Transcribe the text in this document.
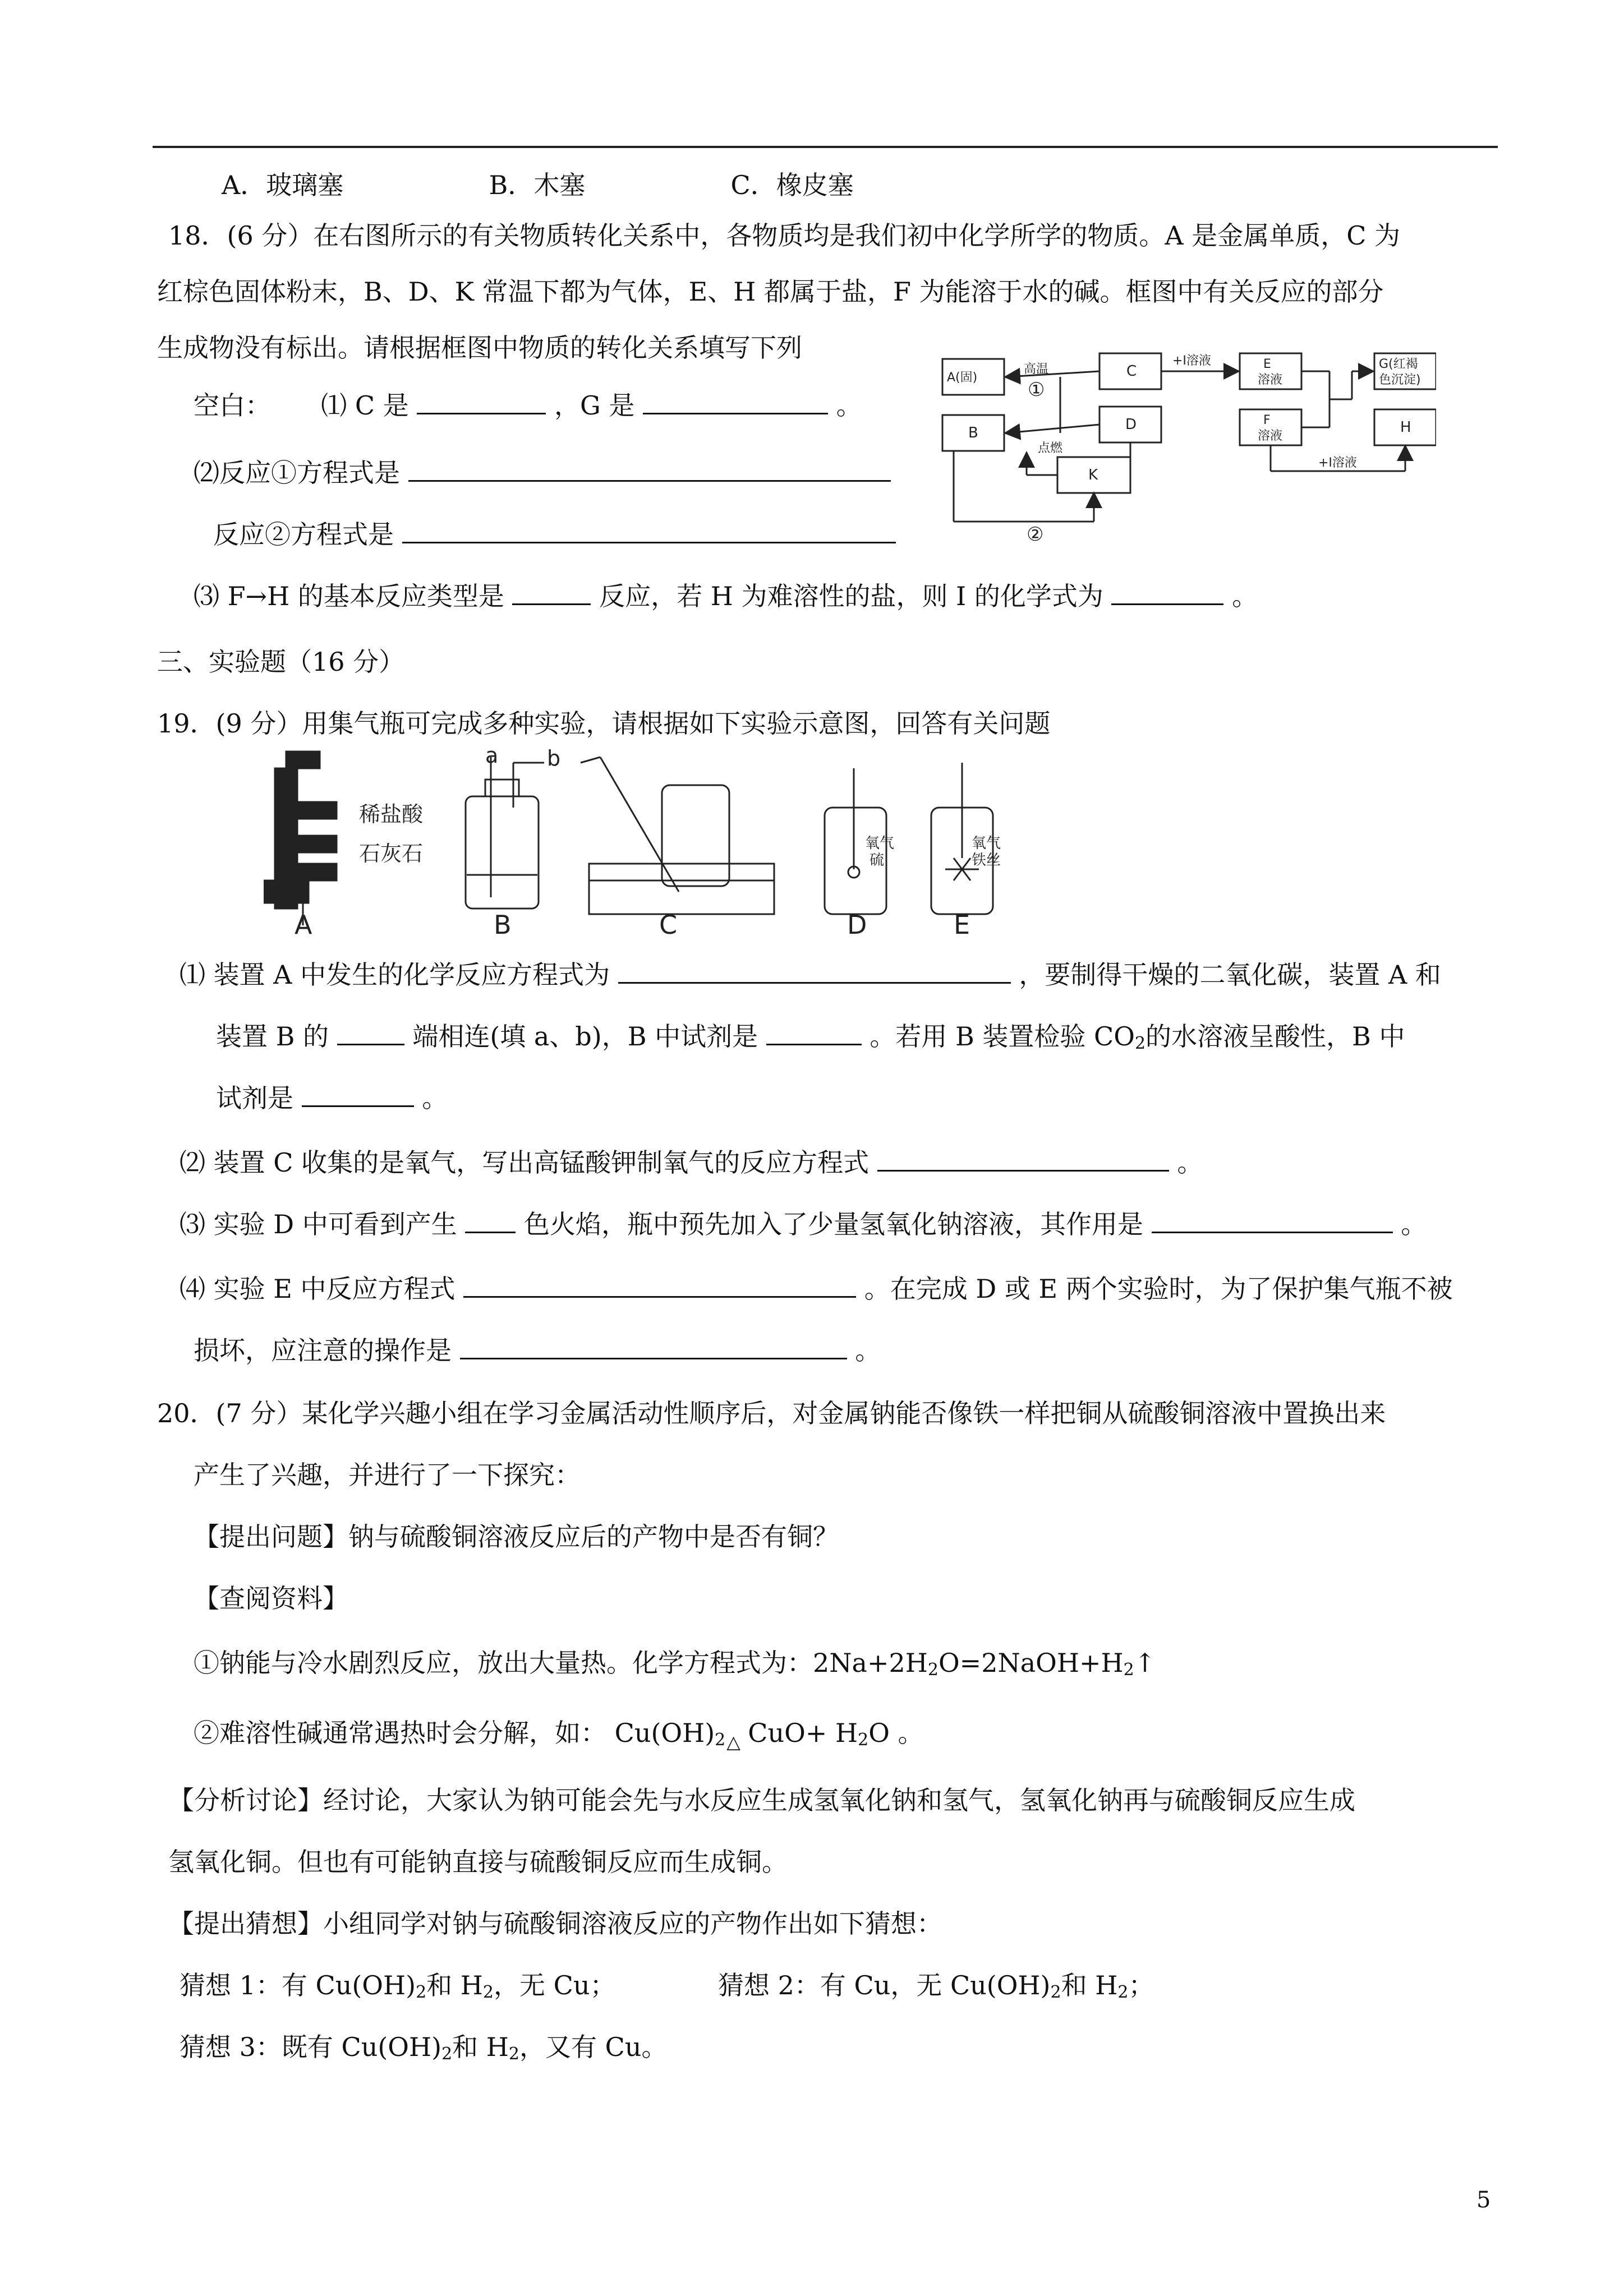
A．玻璃塞	B．木塞	C．橡皮塞
18．(6 分）在右图所示的有关物质转化关系中，各物质均是我们初中化学所学的物质。A 是金属单质，C 为
红棕色固体粉末，B、D、K 常温下都为气体，E、H 都属于盐，F 为能溶于水的碱。框图中有关反应的部分
生成物没有标出。请根据框图中物质的转化关系填写下列
空白： ⑴ C 是	，G 是	。
⑵反应①方程式是
反应②方程式是
⑶ F→H 的基本反应类型是	反应，若 H 为难溶性的盐，则 I 的化学式为	。
A(固)	C
B	D
K
E
溶液
F
溶液
G(红褐
色沉淀)
H
高温
①
点燃
②
+I溶液
+I溶液
三、实验题（16 分）
19．(9 分）用集气瓶可完成多种实验，请根据如下实验示意图，回答有关问题
稀盐酸
石灰石
a b
氧气
硫
氧气
铁丝
A	B	C	D	E
⑴ 装置 A 中发生的化学反应方程式为	，要制得干燥的二氧化碳，装置 A 和
装置 B 的	端相连(填 a、b)，B 中试剂是	。若用 B 装置检验 $CO_2$的水溶液呈酸性，B 中
试剂是	。
⑵ 装置 C 收集的是氧气，写出高锰酸钾制氧气的反应方程式	。
⑶ 实验 D 中可看到产生	色火焰，瓶中预先加入了少量氢氧化钠溶液，其作用是	。
⑷ 实验 E 中反应方程式	。在完成 D 或 E 两个实验时，为了保护集气瓶不被
损坏，应注意的操作是	。
20．(7 分）某化学兴趣小组在学习金属活动性顺序后，对金属钠能否像铁一样把铜从硫酸铜溶液中置换出来
产生了兴趣，并进行了一下探究：
【提出问题】钠与硫酸铜溶液反应后的产物中是否有铜？
【查阅资料】
①钠能与冷水剧烈反应，放出大量热。化学方程式为：$2Na+2H_2O=2NaOH+H_2↑$
②难溶性碱通常遇热时会分解，如： $Cu(OH)_2$ △ $CuO+ H_2O$ 。
【分析讨论】经讨论，大家认为钠可能会先与水反应生成氢氧化钠和氢气，氢氧化钠再与硫酸铜反应生成
氢氧化铜。但也有可能钠直接与硫酸铜反应而生成铜。
【提出猜想】小组同学对钠与硫酸铜溶液反应的产物作出如下猜想：
猜想 1：有 $Cu(OH)_2$和 $H_2$，无 Cu；	猜想 2：有 Cu，无 $Cu(OH)_2$和 $H_2$；
猜想 3：既有 $Cu(OH)_2$和 $H_2$，又有 Cu。
5
